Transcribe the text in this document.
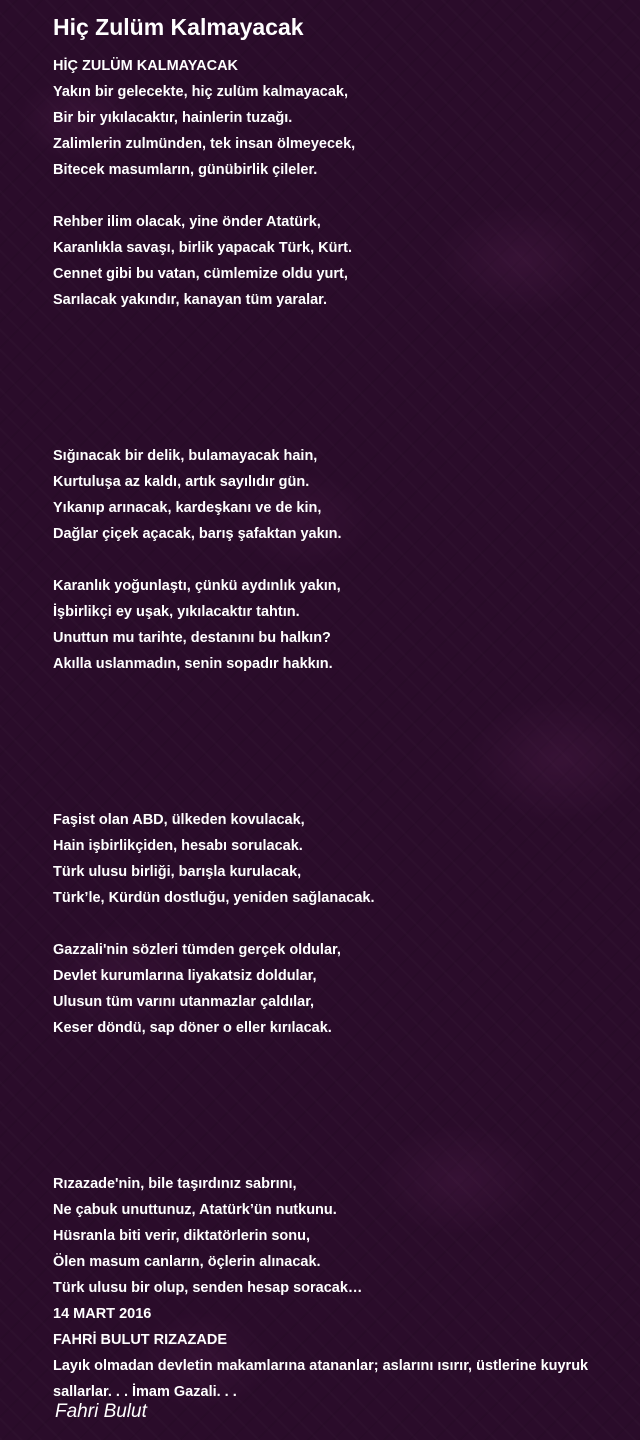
Hiç Zulüm Kalmayacak
HİÇ ZULÜM KALMAYACAK
Yakın bir gelecekte, hiç zulüm kalmayacak,
Bir bir yıkılacaktır, hainlerin tuzağı.
Zalimlerin zulmünden, tek insan ölmeyecek,
Bitecek masumların, günübirlik çileler.
Rehber ilim olacak, yine önder Atatürk,
Karanlıkla savaşı, birlik yapacak Türk, Kürt.
Cennet gibi bu vatan, cümlemize oldu yurt,
Sarılacak yakındır, kanayan tüm yaralar.
Sığınacak bir delik, bulamayacak hain,
Kurtuluşa az kaldı, artık sayılıdır gün.
Yıkanıp arınacak, kardeşkanı ve de kin,
Dağlar çiçek açacak, barış şafaktan yakın.
Karanlık yoğunlaştı, çünkü aydınlık yakın,
İşbirlikçi ey uşak, yıkılacaktır tahtın.
Unuttun mu tarihte, destanını bu halkın?
Akılla uslanmadın, senin sopadır hakkın.
Faşist olan ABD, ülkeden kovulacak,
Hain işbirlikçiden, hesabı sorulacak.
Türk ulusu birliği, barışla kurulacak,
Türk’le, Kürdün dostluğu, yeniden sağlanacak.
Gazzali'nin sözleri tümden gerçek oldular,
Devlet kurumlarına liyakatsiz doldular,
Ulusun tüm varını utanmazlar çaldılar,
Keser döndü, sap döner o eller kırılacak.
Rızazade'nin, bile taşırdınız sabrını,
Ne çabuk unuttunuz, Atatürk’ün nutkunu.
Hüsranla biti verir, diktatörlerin sonu,
Ölen masum canların, öçlerin alınacak.
Türk ulusu bir olup, senden hesap soracak…
14 MART 2016
FAHRİ BULUT RIZAZADE
Layık olmadan devletin makamlarına atananlar; aslarını ısırır, üstlerine kuyruk sallarlar. . . İmam Gazali. . .
Fahri Bulut
